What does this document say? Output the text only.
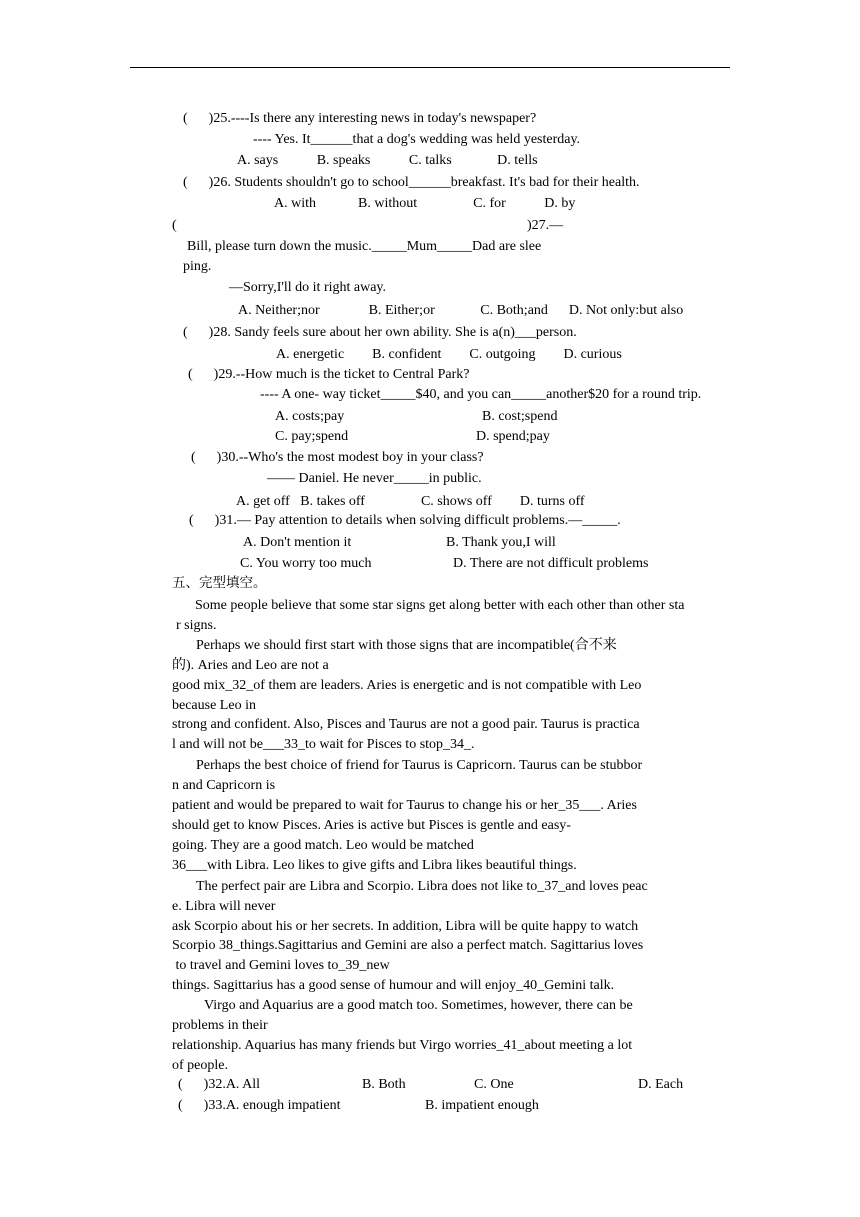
(      )25.----Is there any interesting news in today's newspaper?
---- Yes. It______that a dog's wedding was held yesterday.
A. says           B. speaks           C. talks             D. tells
(      )26. Students shouldn't go to school______breakfast. It's bad for their health.
A. with            B. without                C. for           D. by
(	)27.—
Bill, please turn down the music._____Mum_____Dad are slee
ping.
—Sorry,I'll do it right away.
A. Neither;nor              B. Either;or             C. Both;and      D. Not only:but also
(      )28. Sandy feels sure about her own ability. She is a(n)___person.
A. energetic        B. confident        C. outgoing        D. curious
(      )29.--How much is the ticket to Central Park?
---- A one- way ticket_____$40, and you can_____another$20 for a round trip.
A. costs;pay	B. cost;spend
C. pay;spend	D. spend;pay
(      )30.--Who's the most modest boy in your class?
—— Daniel. He never_____in public.
A. get off   B. takes off                C. shows off        D. turns off
(      )31.— Pay attention to details when solving difficult problems.—_____.
A. Don't mention it	B. Thank you,I will
C. You worry too much	D. There are not difficult problems
五、完型填空。
Some people believe that some star signs get along better with each other than other sta
r signs.
Perhaps we should first start with those signs that are incompatible(合不来
的). Aries and Leo are not a
good mix_32_of them are leaders. Aries is energetic and is not compatible with Leo
because Leo in
strong and confident. Also, Pisces and Taurus are not a good pair. Taurus is practica
l and will not be___33_to wait for Pisces to stop_34_.
Perhaps the best choice of friend for Taurus is Capricorn. Taurus can be stubbor
n and Capricorn is
patient and would be prepared to wait for Taurus to change his or her_35___. Aries
should get to know Pisces. Aries is active but Pisces is gentle and easy-
going. They are a good match. Leo would be matched
36___with Libra. Leo likes to give gifts and Libra likes beautiful things.
The perfect pair are Libra and Scorpio. Libra does not like to_37_and loves peac
e. Libra will never
ask Scorpio about his or her secrets. In addition, Libra will be quite happy to watch
Scorpio 38_things.Sagittarius and Gemini are also a perfect match. Sagittarius loves
to travel and Gemini loves to_39_new
things. Sagittarius has a good sense of humour and will enjoy_40_Gemini talk.
Virgo and Aquarius are a good match too. Sometimes, however, there can be
problems in their
relationship. Aquarius has many friends but Virgo worries_41_about meeting a lot
of people.
(      )32.A. All	B. Both	C. One	D. Each
(      )33.A. enough impatient	B. impatient enough
